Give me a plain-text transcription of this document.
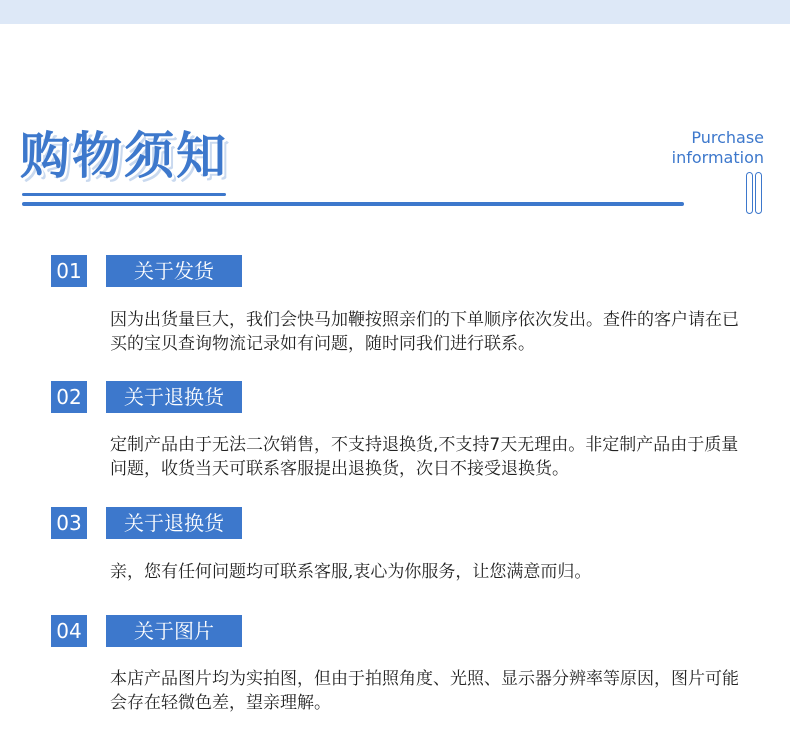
购物须知	Purchase
information
01	关于发货
因为出货量巨大，我们会快马加鞭按照亲们的下单顺序依次发出。查件的客户请在已买的宝贝查询物流记录如有问题，随时同我们进行联系。
02	关于退换货
定制产品由于无法二次销售，不支持退换货,不支持7天无理由。非定制产品由于质量问题，收货当天可联系客服提出退换货，次日不接受退换货。
03	关于退换货
亲，您有任何问题均可联系客服,衷心为你服务，让您满意而归。
04	关于图片
本店产品图片均为实拍图，但由于拍照角度、光照、显示器分辨率等原因，图片可能会存在轻微色差，望亲理解。
